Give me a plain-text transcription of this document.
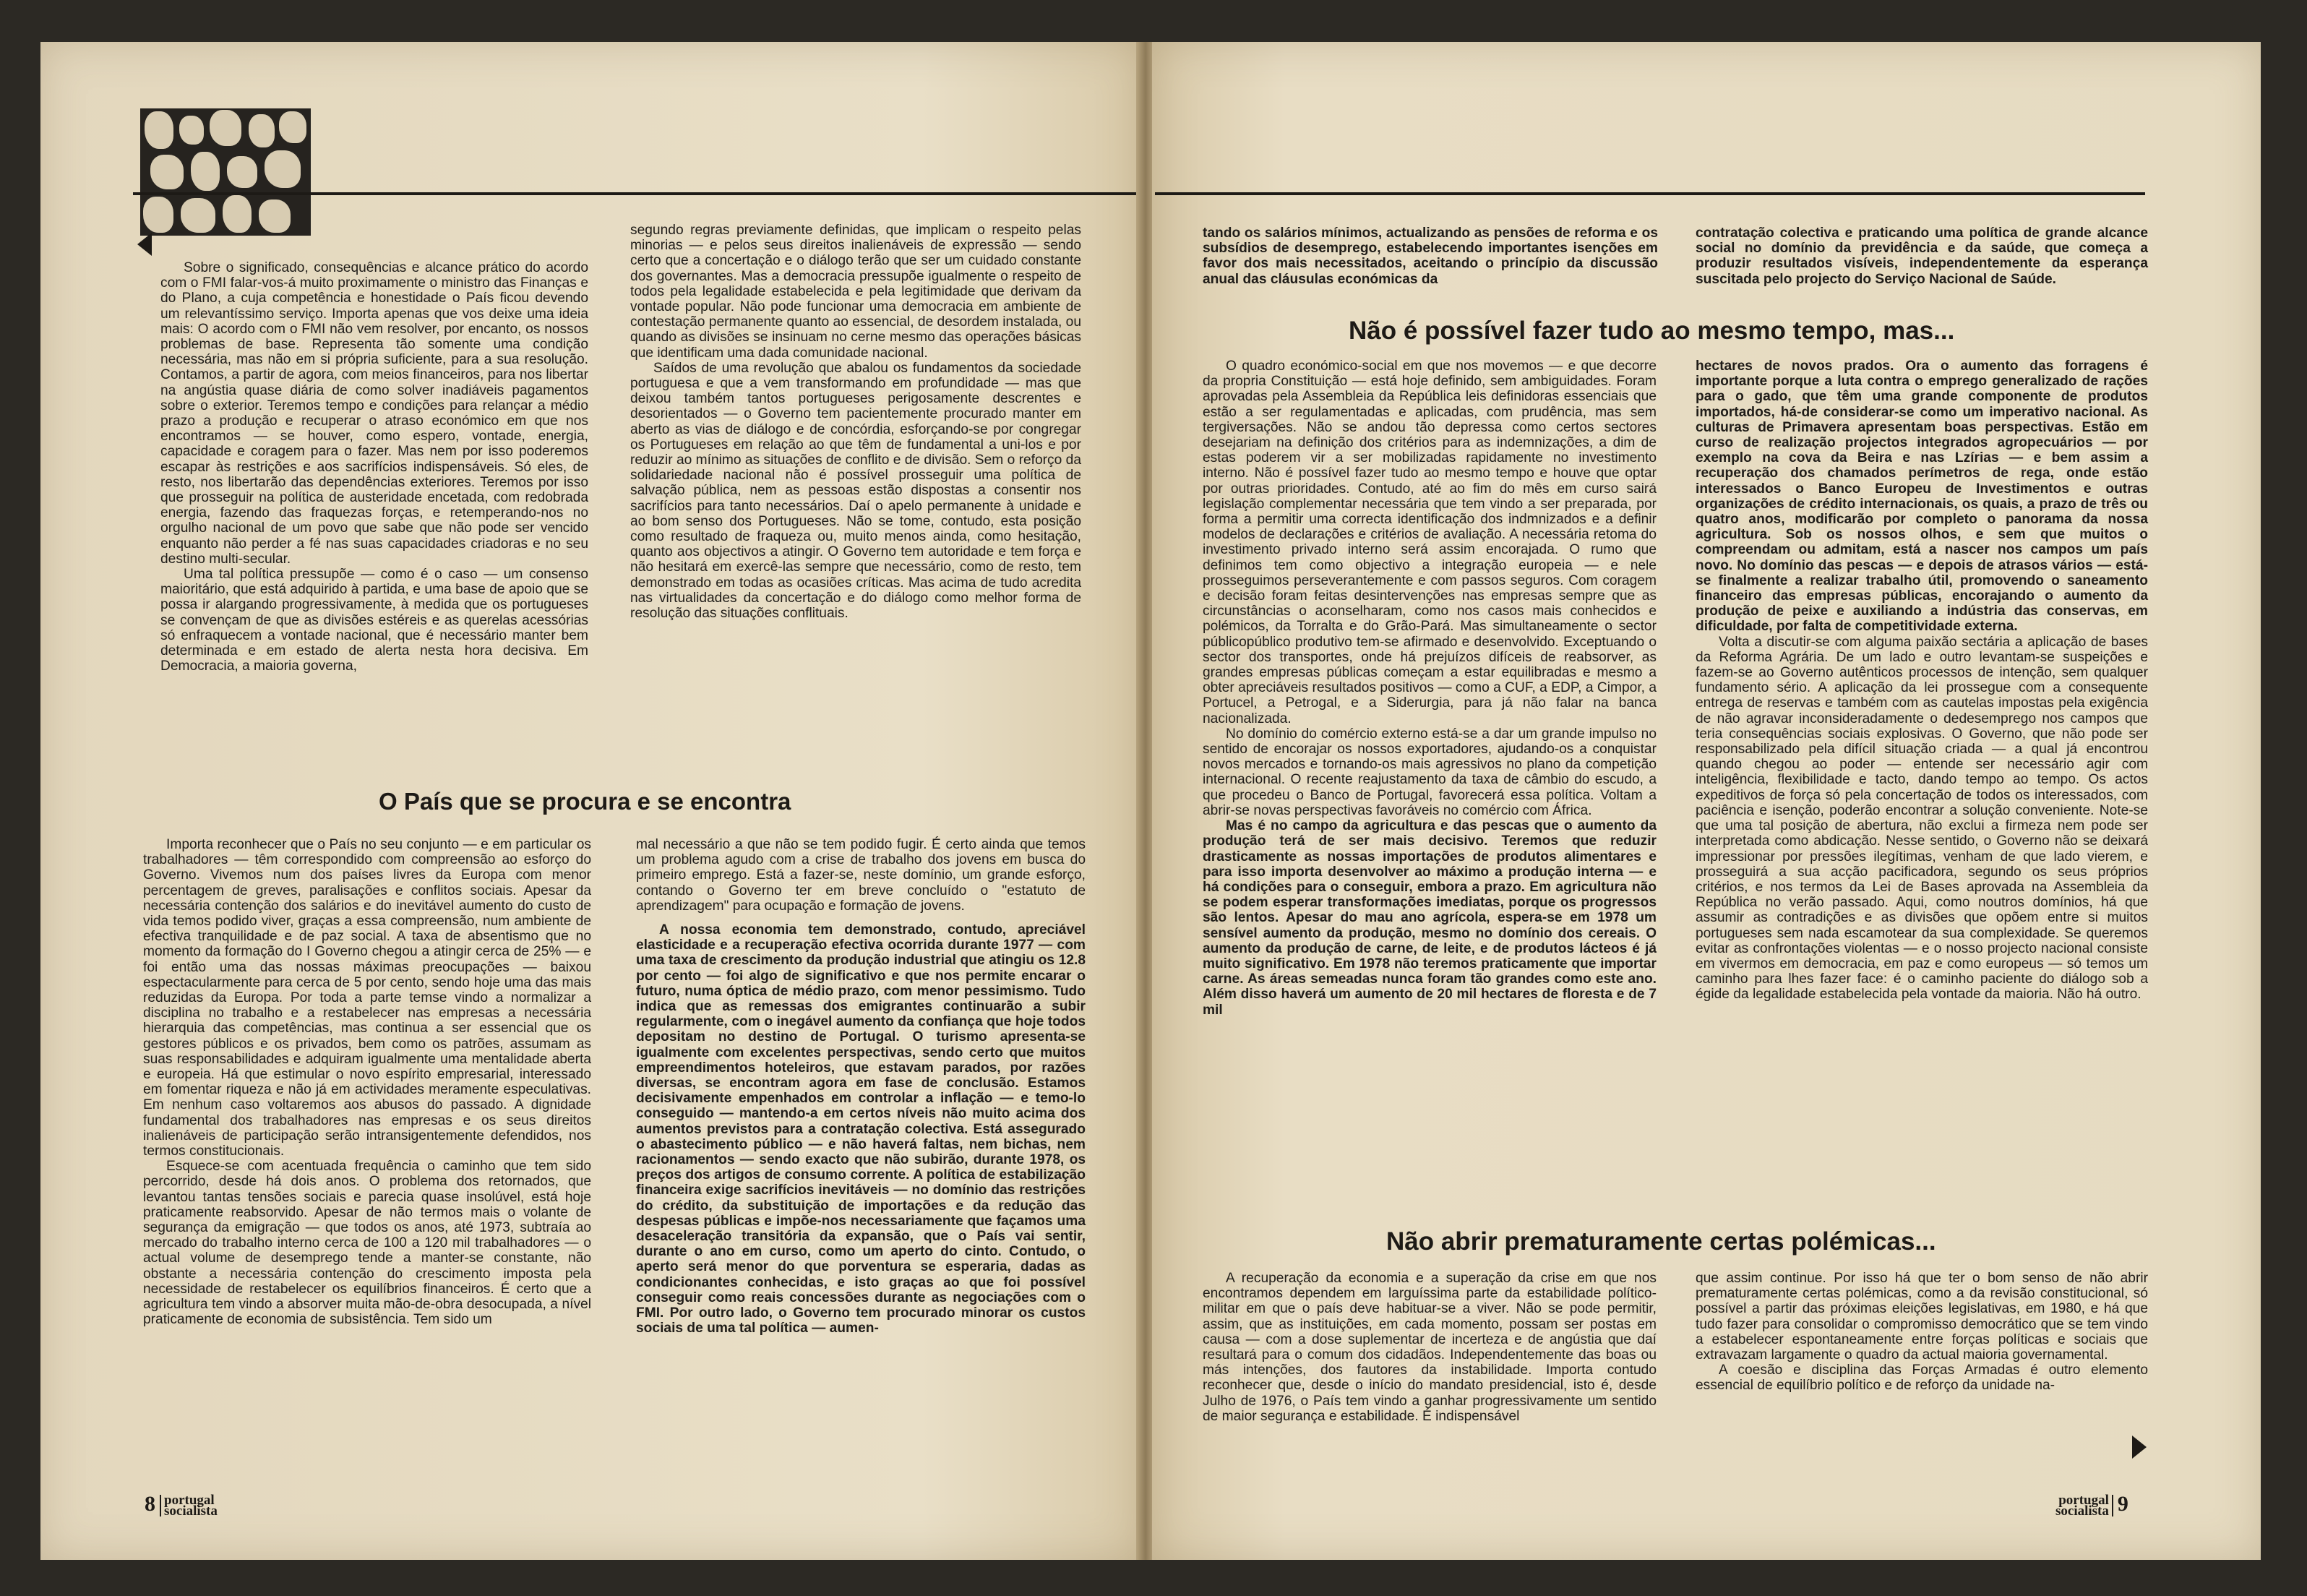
Sobre o significado, consequências e alcance prático do acordo com o FMI falar-vos-á muito proximamente o ministro das Finanças e do Plano, a cuja competência e honestidade o País ficou devendo um relevantíssimo serviço. Importa apenas que vos deixe uma ideia mais: O acordo com o FMI não vem resolver, por encanto, os nossos problemas de base. Representa tão somente uma condição necessária, mas não em si própria suficiente, para a sua resolução. Contamos, a partir de agora, com meios financeiros, para nos libertar na angústia quase diária de como solver inadiáveis pagamentos sobre o exterior. Teremos tempo e condições para relançar a médio prazo a produção e recuperar o atraso económico em que nos encontramos — se houver, como espero, vontade, energia, capacidade e coragem para o fazer. Mas nem por isso poderemos escapar às restrições e aos sacrifícios indispensáveis. Só eles, de resto, nos libertarão das dependências exteriores. Teremos por isso que prosseguir na política de austeridade encetada, com redobrada energia, fazendo das fraquezas forças, e retemperando-nos no orgulho nacional de um povo que sabe que não pode ser vencido enquanto não perder a fé nas suas capacidades criadoras e no seu destino multi-secular.

Uma tal política pressupõe — como é o caso — um consenso maioritário, que está adquirido à partida, e uma base de apoio que se possa ir alargando progressivamente, à medida que os portugueses se convençam de que as divisões estéreis e as querelas acessórias só enfraquecem a vontade nacional, que é necessário manter bem determinada e em estado de alerta nesta hora decisiva. Em Democracia, a maioria governa,

segundo regras previamente definidas, que implicam o respeito pelas minorias — e pelos seus direitos inalienáveis de expressão — sendo certo que a concertação e o diálogo terão que ser um cuidado constante dos governantes. Mas a democracia pressupõe igualmente o respeito de todos pela legalidade estabelecida e pela legitimidade que derivam da vontade popular. Não pode funcionar uma democracia em ambiente de contestação permanente quanto ao essencial, de desordem instalada, ou quando as divisões se insinuam no cerne mesmo das operações básicas que identificam uma dada comunidade nacional.

Saídos de uma revolução que abalou os fundamentos da sociedade portuguesa e que a vem transformando em profundidade — mas que deixou também tantos portugueses perigosamente descrentes e desorientados — o Governo tem pacientemente procurado manter em aberto as vias de diálogo e de concórdia, esforçando-se por congregar os Portugueses em relação ao que têm de fundamental a uni-los e por reduzir ao mínimo as situações de conflito e de divisão. Sem o reforço da solidariedade nacional não é possível prosseguir uma política de salvação pública, nem as pessoas estão dispostas a consentir nos sacrifícios para tanto necessários. Daí o apelo permanente à unidade e ao bom senso dos Portugueses. Não se tome, contudo, esta posição como resultado de fraqueza ou, muito menos ainda, como hesitação, quanto aos objectivos a atingir. O Governo tem autoridade e tem força e não hesitará em exercê-las sempre que necessário, como de resto, tem demonstrado em todas as ocasiões críticas. Mas acima de tudo acredita nas virtualidades da concertação e do diálogo como melhor forma de resolução das situações conflituais.

O País que se procura e se encontra

Importa reconhecer que o País no seu conjunto — e em particular os trabalhadores — têm correspondido com compreensão ao esforço do Governo. Vivemos num dos países livres da Europa com menor percentagem de greves, paralisações e conflitos sociais. Apesar da necessária contenção dos salários e do inevitável aumento do custo de vida temos podido viver, graças a essa compreensão, num ambiente de efectiva tranquilidade e de paz social. A taxa de absentismo que no momento da formação do I Governo chegou a atingir cerca de 25% — e foi então uma das nossas máximas preocupações — baixou espectacularmente para cerca de 5 por cento, sendo hoje uma das mais reduzidas da Europa. Por toda a parte temse vindo a normalizar a disciplina no trabalho e a restabelecer nas empresas a necessária hierarquia das competências, mas continua a ser essencial que os gestores públicos e os privados, bem como os patrões, assumam as suas responsabilidades e adquiram igualmente uma mentalidade aberta e europeia. Há que estimular o novo espírito empresarial, interessado em fomentar riqueza e não já em actividades meramente especulativas. Em nenhum caso voltaremos aos abusos do passado. A dignidade fundamental dos trabalhadores nas empresas e os seus direitos inalienáveis de participação serão intransigentemente defendidos, nos termos constitucionais.

Esquece-se com acentuada frequência o caminho que tem sido percorrido, desde há dois anos. O problema dos retornados, que levantou tantas tensões sociais e parecia quase insolúvel, está hoje praticamente reabsorvido. Apesar de não termos mais o volante de segurança da emigração — que todos os anos, até 1973, subtraía ao mercado do trabalho interno cerca de 100 a 120 mil trabalhadores — o actual volume de desemprego tende a manter-se constante, não obstante a necessária contenção do crescimento imposta pela necessidade de restabelecer os equilíbrios financeiros. É certo que a agricultura tem vindo a absorver muita mão-de-obra desocupada, a nível praticamente de economia de subsistência. Tem sido um

mal necessário a que não se tem podido fugir. É certo ainda que temos um problema agudo com a crise de trabalho dos jovens em busca do primeiro emprego. Está a fazer-se, neste domínio, um grande esforço, contando o Governo ter em breve concluído o "estatuto de aprendizagem" para ocupação e formação de jovens.

A nossa economia tem demonstrado, contudo, apreciável elasticidade e a recuperação efectiva ocorrida durante 1977 — com uma taxa de crescimento da produção industrial que atingiu os 12.8 por cento — foi algo de significativo e que nos permite encarar o futuro, numa óptica de médio prazo, com menor pessimismo. Tudo indica que as remessas dos emigrantes continuarão a subir regularmente, com o inegável aumento da confiança que hoje todos depositam no destino de Portugal. O turismo apresenta-se igualmente com excelentes perspectivas, sendo certo que muitos empreendimentos hoteleiros, que estavam parados, por razões diversas, se encontram agora em fase de conclusão. Estamos decisivamente empenhados em controlar a inflação — e temo-lo conseguido — mantendo-a em certos níveis não muito acima dos aumentos previstos para a contratação colectiva. Está assegurado o abastecimento público — e não haverá faltas, nem bichas, nem racionamentos — sendo exacto que não subirão, durante 1978, os preços dos artigos de consumo corrente. A política de estabilização financeira exige sacrifícios inevitáveis — no domínio das restrições do crédito, da substituição de importações e da redução das despesas públicas e impõe-nos necessariamente que façamos uma desaceleração transitória da expansão, que o País vai sentir, durante o ano em curso, como um aperto do cinto. Contudo, o aperto será menor do que porventura se esperaria, dadas as condicionantes conhecidas, e isto graças ao que foi possível conseguir como reais concessões durante as negociações com o FMI. Por outro lado, o Governo tem procurado minorar os custos sociais de uma tal política — aumen-

8 portugal
socialista

tando os salários mínimos, actualizando as pensões de reforma e os subsídios de desemprego, estabelecendo importantes isenções em favor dos mais necessitados, aceitando o princípio da discussão anual das cláusulas económicas da

contratação colectiva e praticando uma política de grande alcance social no domínio da previdência e da saúde, que começa a produzir resultados visíveis, independentemente da esperança suscitada pelo projecto do Serviço Nacional de Saúde.

Não é possível fazer tudo ao mesmo tempo, mas...

O quadro económico-social em que nos movemos — e que decorre da propria Constituição — está hoje definido, sem ambiguidades. Foram aprovadas pela Assembleia da República leis definidoras essenciais que estão a ser regulamentadas e aplicadas, com prudência, mas sem tergiversações. Não se andou tão depressa como certos sectores desejariam na definição dos critérios para as indemnizações, a dim de estas poderem vir a ser mobilizadas rapidamente no investimento interno. Não é possível fazer tudo ao mesmo tempo e houve que optar por outras prioridades. Contudo, até ao fim do mês em curso sairá legislação complementar necessária que tem vindo a ser preparada, por forma a permitir uma correcta identificação dos indmnizados e a definir modelos de declarações e critérios de avaliação. A necessária retoma do investimento privado interno será assim encorajada. O rumo que definimos tem como objectivo a integração europeia — e nele prosseguimos perseverantemente e com passos seguros. Com coragem e decisão foram feitas desintervenções nas empresas sempre que as circunstâncias o aconselharam, como nos casos mais conhecidos e polémicos, da Torralta e do Grão-Pará. Mas simultaneamente o sector públicopúblico produtivo tem-se afirmado e desenvolvido. Exceptuando o sector dos transportes, onde há prejuízos difíceis de reabsorver, as grandes empresas públicas começam a estar equilibradas e mesmo a obter apreciáveis resultados positivos — como a CUF, a EDP, a Cimpor, a Portucel, a Petrogal, e a Siderurgia, para já não falar na banca nacionalizada.

No domínio do comércio externo está-se a dar um grande impulso no sentido de encorajar os nossos exportadores, ajudando-os a conquistar novos mercados e tornando-os mais agressivos no plano da competição internacional. O recente reajustamento da taxa de câmbio do escudo, a que procedeu o Banco de Portugal, favorecerá essa política. Voltam a abrir-se novas perspectivas favoráveis no comércio com África.

Mas é no campo da agricultura e das pescas que o aumento da produção terá de ser mais decisivo. Teremos que reduzir drasticamente as nossas importações de produtos alimentares e para isso importa desenvolver ao máximo a produção interna — e há condições para o conseguir, embora a prazo. Em agricultura não se podem esperar transformações imediatas, porque os progressos são lentos. Apesar do mau ano agrícola, espera-se em 1978 um sensível aumento da produção, mesmo no domínio dos cereais. O aumento da produção de carne, de leite, e de produtos lácteos é já muito significativo. Em 1978 não teremos praticamente que importar carne. As áreas semeadas nunca foram tão grandes como este ano. Além disso haverá um aumento de 20 mil hectares de floresta e de 7 mil

hectares de novos prados. Ora o aumento das forragens é importante porque a luta contra o emprego generalizado de rações para o gado, que têm uma grande componente de produtos importados, há-de considerar-se como um imperativo nacional. As culturas de Primavera apresentam boas perspectivas. Estão em curso de realização projectos integrados agropecuários — por exemplo na cova da Beira e nas Lzírias — e bem assim a recuperação dos chamados perímetros de rega, onde estão interessados o Banco Europeu de Investimentos e outras organizações de crédito internacionais, os quais, a prazo de três ou quatro anos, modificarão por completo o panorama da nossa agricultura. Sob os nossos olhos, e sem que muitos o compreendam ou admitam, está a nascer nos campos um país novo. No domínio das pescas — e depois de atrasos vários — está-se finalmente a realizar trabalho útil, promovendo o saneamento financeiro das empresas públicas, encorajando o aumento da produção de peixe e auxiliando a indústria das conservas, em dificuldade, por falta de competitividade externa.

Volta a discutir-se com alguma paixão sectária a aplicação de bases da Reforma Agrária. De um lado e outro levantam-se suspeições e fazem-se ao Governo autênticos processos de intenção, sem qualquer fundamento sério. A aplicação da lei prossegue com a consequente entrega de reservas e também com as cautelas impostas pela exigência de não agravar inconsideradamente o dedesemprego nos campos que teria consequências sociais explosivas. O Governo, que não pode ser responsabilizado pela difícil situação criada — a qual já encontrou quando chegou ao poder — entende ser necessário agir com inteligência, flexibilidade e tacto, dando tempo ao tempo. Os actos expeditivos de força só pela concertação de todos os interessados, com paciência e isenção, poderão encontrar a solução conveniente. Note-se que uma tal posição de abertura, não exclui a firmeza nem pode ser interpretada como abdicação. Nesse sentido, o Governo não se deixará impressionar por pressões ilegítimas, venham de que lado vierem, e prosseguirá a sua acção pacificadora, segundo os seus próprios critérios, e nos termos da Lei de Bases aprovada na Assembleia da República no verão passado. Aqui, como noutros domínios, há que assumir as contradições e as divisões que opõem entre si muitos portugueses sem nada escamotear da sua complexidade. Se queremos evitar as confrontações violentas — e o nosso projecto nacional consiste em vivermos em democracia, em paz e como europeus — só temos um caminho para lhes fazer face: é o caminho paciente do diálogo sob a égide da legalidade estabelecida pela vontade da maioria. Não há outro.

Não abrir prematuramente certas polémicas...

A recuperação da economia e a superação da crise em que nos encontramos dependem em larguíssima parte da estabilidade político-militar em que o país deve habituar-se a viver. Não se pode permitir, assim, que as instituições, em cada momento, possam ser postas em causa — com a dose suplementar de incerteza e de angústia que daí resultará para o comum dos cidadãos. Independentemente das boas ou más intenções, dos fautores da instabilidade. Importa contudo reconhecer que, desde o início do mandato presidencial, isto é, desde Julho de 1976, o País tem vindo a ganhar progressivamente um sentido de maior segurança e estabilidade. É indispensável

que assim continue. Por isso há que ter o bom senso de não abrir prematuramente certas polémicas, como a da revisão constitucional, só possível a partir das próximas eleições legislativas, em 1980, e há que tudo fazer para consolidar o compromisso democrático que se tem vindo a estabelecer espontaneamente entre forças políticas e sociais que extravazam largamente o quadro da actual maioria governamental.

A coesão e disciplina das Forças Armadas é outro elemento essencial de equilíbrio político e de reforço da unidade na-

portugal
socialista 9
